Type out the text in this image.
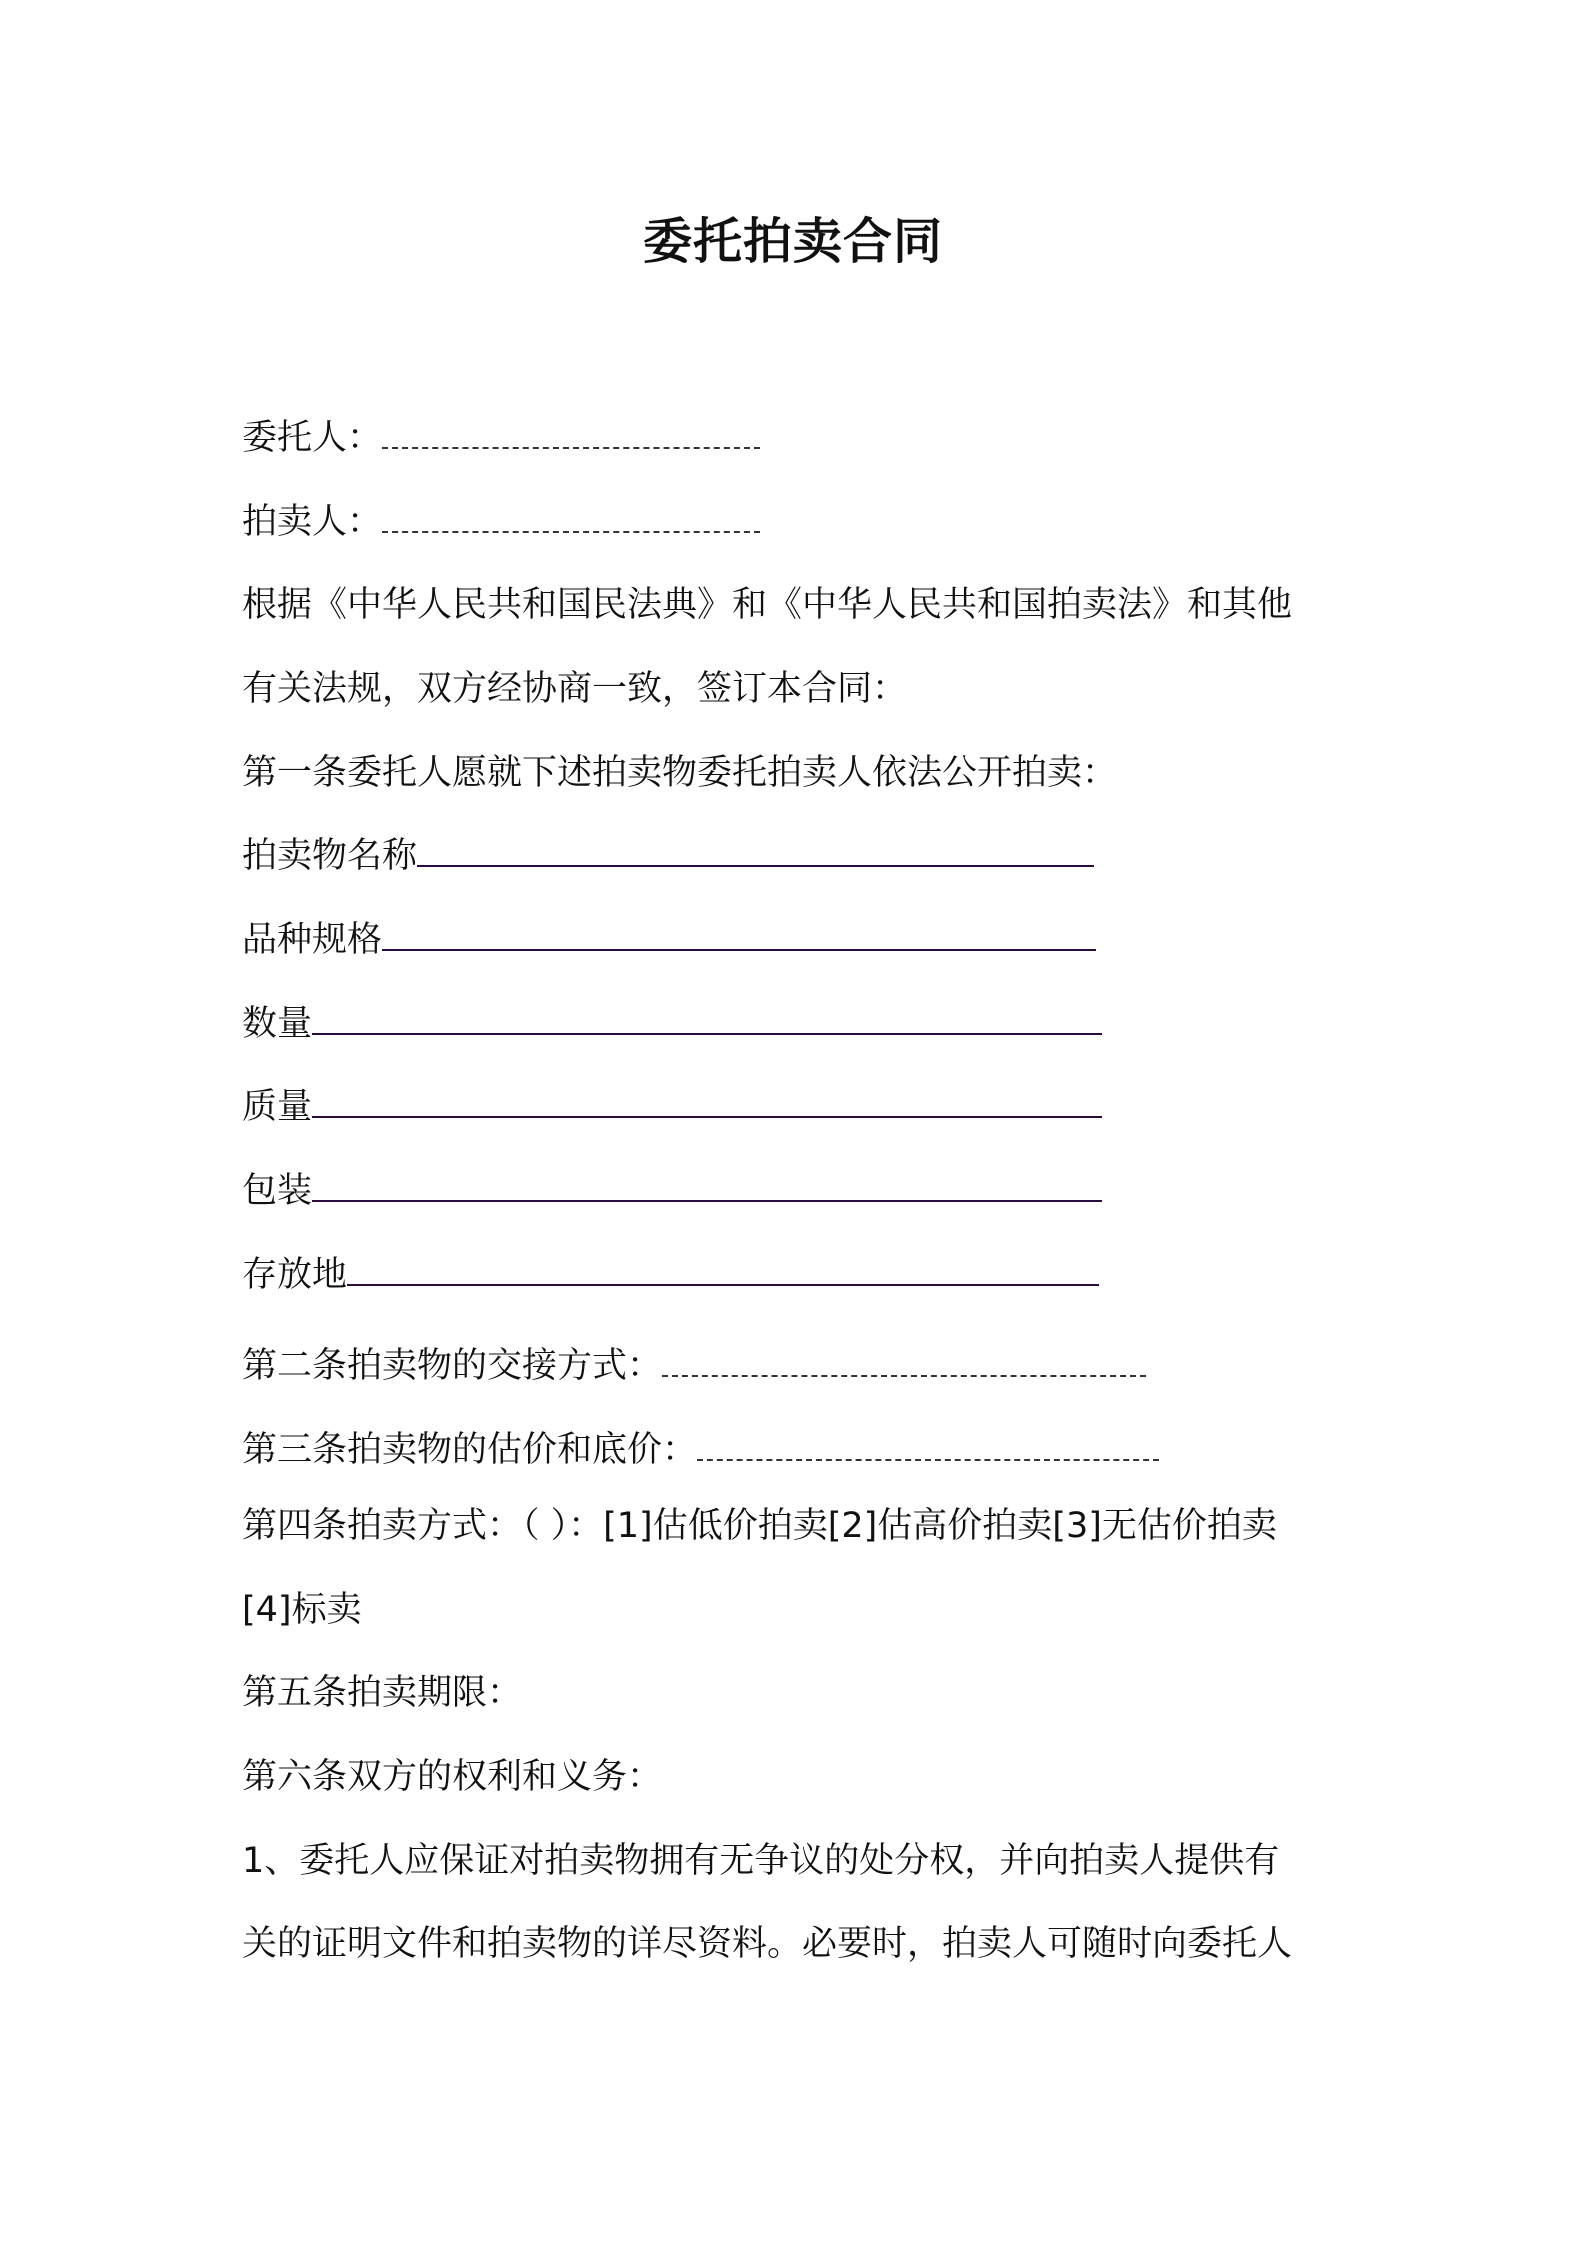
委托拍卖合同
委托人：
拍卖人：
根据《中华人民共和国民法典》和《中华人民共和国拍卖法》和其他
有关法规，双方经协商一致，签订本合同：
第一条委托人愿就下述拍卖物委托拍卖人依法公开拍卖：
拍卖物名称
品种规格
数量
质量
包装
存放地
第二条拍卖物的交接方式：
第三条拍卖物的估价和底价：
第四条拍卖方式：（ ）：[1]估低价拍卖[2]估高价拍卖[3]无估价拍卖
[4]标卖
第五条拍卖期限：
第六条双方的权利和义务：
1、委托人应保证对拍卖物拥有无争议的处分权，并向拍卖人提供有
关的证明文件和拍卖物的详尽资料。必要时，拍卖人可随时向委托人
